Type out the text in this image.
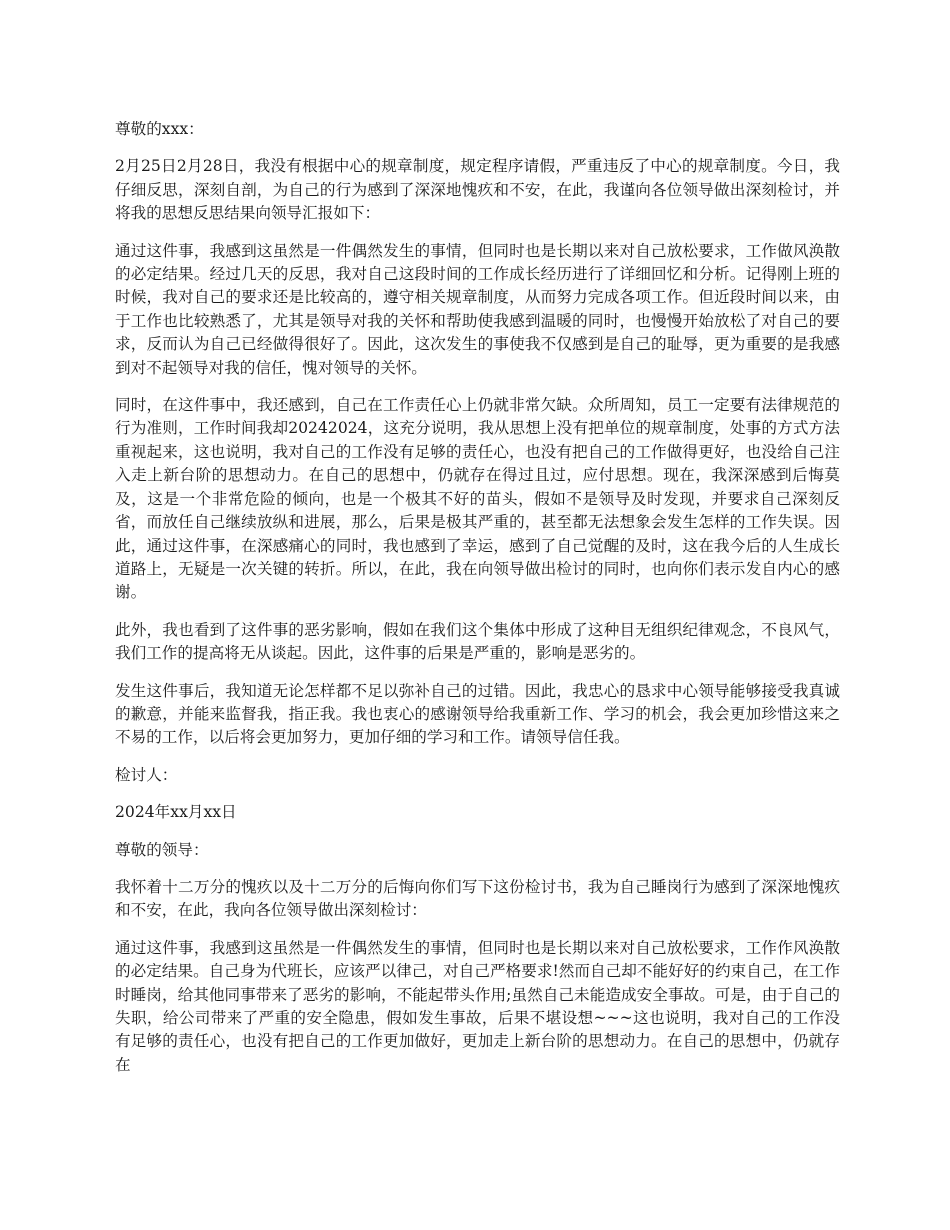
尊敬的xxx：

2月25日2月28日，我没有根据中心的规章制度，规定程序请假，严重违反了中心的规章制度。今日，我仔细反思，深刻自剖，为自己的行为感到了深深地愧疚和不安，在此，我谨向各位领导做出深刻检讨，并将我的思想反思结果向领导汇报如下：

通过这件事，我感到这虽然是一件偶然发生的事情，但同时也是长期以来对自己放松要求，工作做风涣散的必定结果。经过几天的反思，我对自己这段时间的工作成长经历进行了详细回忆和分析。记得刚上班的时候，我对自己的要求还是比较高的，遵守相关规章制度，从而努力完成各项工作。但近段时间以来，由于工作也比较熟悉了，尤其是领导对我的关怀和帮助使我感到温暖的同时，也慢慢开始放松了对自己的要求，反而认为自己已经做得很好了。因此，这次发生的事使我不仅感到是自己的耻辱，更为重要的是我感到对不起领导对我的信任，愧对领导的关怀。

同时，在这件事中，我还感到，自己在工作责任心上仍就非常欠缺。众所周知，员工一定要有法律规范的行为准则，工作时间我却20242024，这充分说明，我从思想上没有把单位的规章制度，处事的方式方法重视起来，这也说明，我对自己的工作没有足够的责任心，也没有把自己的工作做得更好，也没给自己注入走上新台阶的思想动力。在自己的思想中，仍就存在得过且过，应付思想。现在，我深深感到后悔莫及，这是一个非常危险的倾向，也是一个极其不好的苗头，假如不是领导及时发现，并要求自己深刻反省，而放任自己继续放纵和进展，那么，后果是极其严重的，甚至都无法想象会发生怎样的工作失误。因此，通过这件事，在深感痛心的同时，我也感到了幸运，感到了自己觉醒的及时，这在我今后的人生成长道路上，无疑是一次关键的转折。所以，在此，我在向领导做出检讨的同时，也向你们表示发自内心的感谢。

此外，我也看到了这件事的恶劣影响，假如在我们这个集体中形成了这种目无组织纪律观念，不良风气，我们工作的提高将无从谈起。因此，这件事的后果是严重的，影响是恶劣的。

发生这件事后，我知道无论怎样都不足以弥补自己的过错。因此，我忠心的恳求中心领导能够接受我真诚的歉意，并能来监督我，指正我。我也衷心的感谢领导给我重新工作、学习的机会，我会更加珍惜这来之不易的工作，以后将会更加努力，更加仔细的学习和工作。请领导信任我。

检讨人：

2024年xx月xx日

尊敬的领导：

我怀着十二万分的愧疚以及十二万分的后悔向你们写下这份检讨书，我为自己睡岗行为感到了深深地愧疚和不安，在此，我向各位领导做出深刻检讨：

通过这件事，我感到这虽然是一件偶然发生的事情，但同时也是长期以来对自己放松要求，工作作风涣散的必定结果。自己身为代班长，应该严以律己，对自己严格要求!然而自己却不能好好的约束自己，在工作时睡岗，给其他同事带来了恶劣的影响，不能起带头作用;虽然自己未能造成安全事故。可是，由于自己的失职，给公司带来了严重的安全隐患，假如发生事故，后果不堪设想~~~这也说明，我对自己的工作没有足够的责任心，也没有把自己的工作更加做好，更加走上新台阶的思想动力。在自己的思想中，仍就存在
